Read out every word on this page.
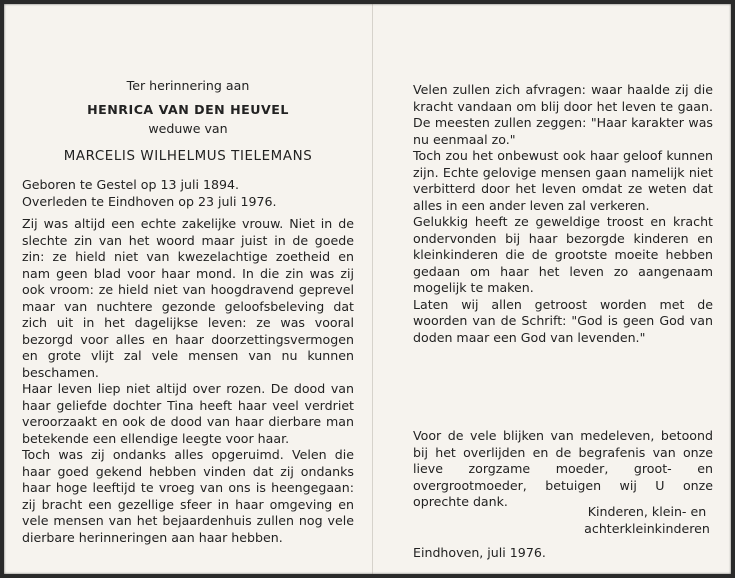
Ter herinnering aan

HENRICA VAN DEN HEUVEL

weduwe van

MARCELIS WILHELMUS TIELEMANS

Geboren te Gestel op 13 juli 1894.

Overleden te Eindhoven op 23 juli 1976.

Zij was altijd een echte zakelijke vrouw. Niet in de slechte zin van het woord maar juist in de goede zin: ze hield niet van kwezelachtige zoetheid en nam geen blad voor haar mond. In die zin was zij ook vroom: ze hield niet van hoogdravend geprevel maar van nuchtere gezonde geloofsbeleving dat zich uit in het dagelijkse leven: ze was vooral bezorgd voor alles en haar doorzettingsvermogen en grote vlijt zal vele mensen van nu kunnen beschamen.

Haar leven liep niet altijd over rozen. De dood van haar geliefde dochter Tina heeft haar veel verdriet veroorzaakt en ook de dood van haar dierbare man betekende een ellendige leegte voor haar.

Toch was zij ondanks alles opgeruimd. Velen die haar goed gekend hebben vinden dat zij ondanks haar hoge leeftijd te vroeg van ons is heengegaan: zij bracht een gezellige sfeer in haar omgeving en vele mensen van het bejaardenhuis zullen nog vele dierbare herinneringen aan haar hebben.

Velen zullen zich afvragen: waar haalde zij die kracht vandaan om blij door het leven te gaan. De meesten zullen zeggen: "Haar karakter was nu eenmaal zo."

Toch zou het onbewust ook haar geloof kunnen zijn. Echte gelovige mensen gaan namelijk niet verbitterd door het leven omdat ze weten dat alles in een ander leven zal verkeren.

Gelukkig heeft ze geweldige troost en kracht ondervonden bij haar bezorgde kinderen en kleinkinderen die de grootste moeite hebben gedaan om haar het leven zo aangenaam mogelijk te maken.

Laten wij allen getroost worden met de woorden van de Schrift: "God is geen God van doden maar een God van levenden."

Voor de vele blijken van medeleven, betoond bij het overlijden en de begrafenis van onze lieve zorgzame moeder, groot- en overgrootmoeder, betuigen wij U onze oprechte dank.

Kinderen, klein- en
achterkleinkinderen
Eindhoven, juli 1976.
